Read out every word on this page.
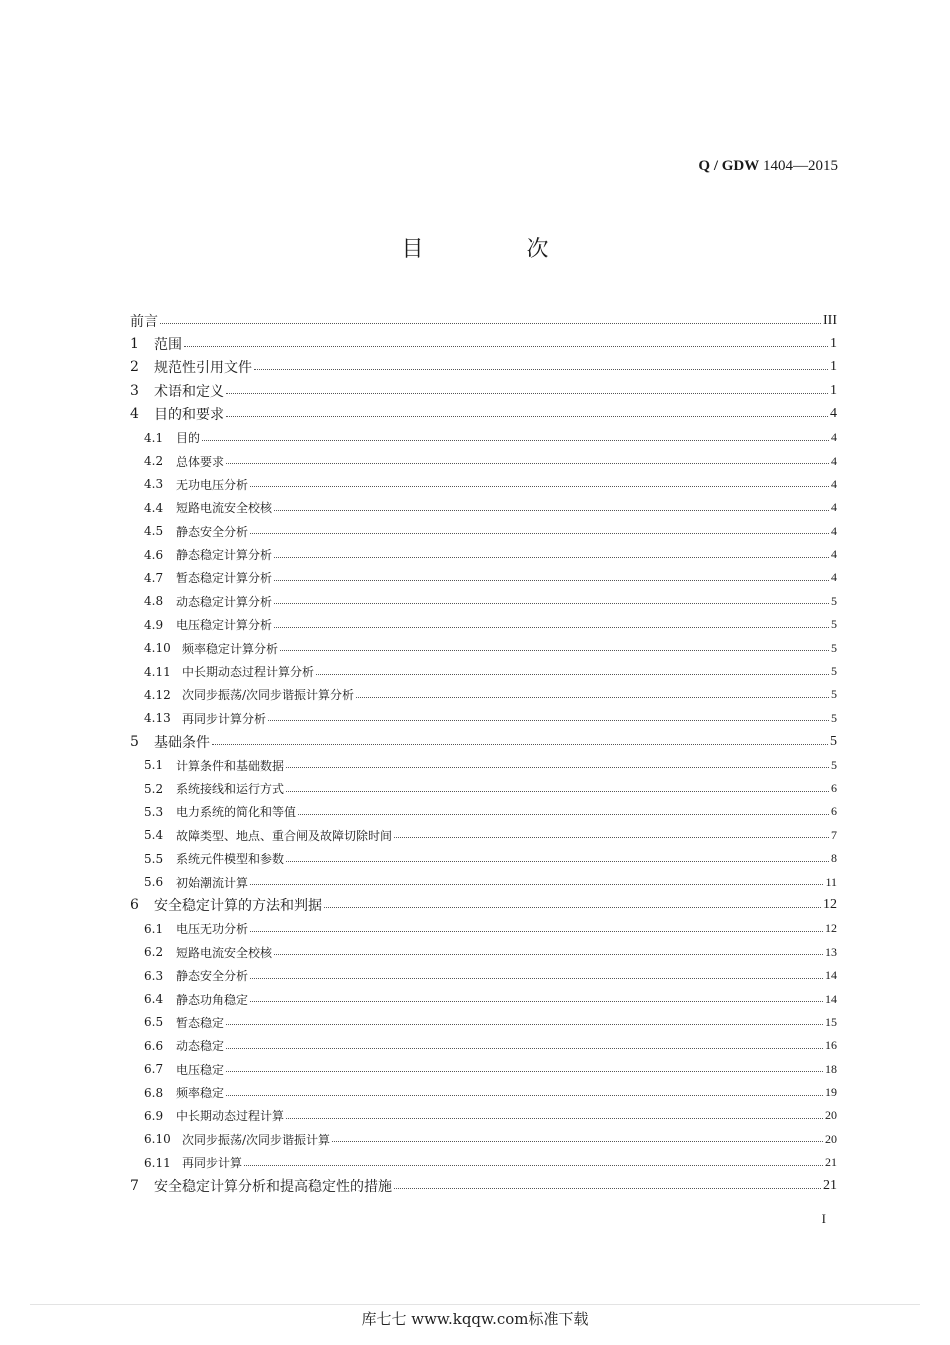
Q / GDW 1404—2015
目 次
前言	III
1	范围	1
2	规范性引用文件	1
3	术语和定义	1
4	目的和要求	4
4.1	目的	4
4.2	总体要求	4
4.3	无功电压分析	4
4.4	短路电流安全校核	4
4.5	静态安全分析	4
4.6	静态稳定计算分析	4
4.7	暂态稳定计算分析	4
4.8	动态稳定计算分析	5
4.9	电压稳定计算分析	5
4.10 频率稳定计算分析	5
4.11 中长期动态过程计算分析	5
4.12 次同步振荡/次同步谐振计算分析	5
4.13 再同步计算分析	5
5	基础条件	5
5.1	计算条件和基础数据	5
5.2	系统接线和运行方式	6
5.3	电力系统的简化和等值	6
5.4	故障类型、地点、重合闸及故障切除时间	7
5.5	系统元件模型和参数	8
5.6	初始潮流计算	11
6	安全稳定计算的方法和判据	12
6.1	电压无功分析	12
6.2	短路电流安全校核	13
6.3	静态安全分析	14
6.4	静态功角稳定	14
6.5	暂态稳定	15
6.6	动态稳定	16
6.7	电压稳定	18
6.8	频率稳定	19
6.9	中长期动态过程计算	20
6.10 次同步振荡/次同步谐振计算	20
6.11 再同步计算	21
7	安全稳定计算分析和提高稳定性的措施	21
I
库七七 www.kqqw.com标准下载
